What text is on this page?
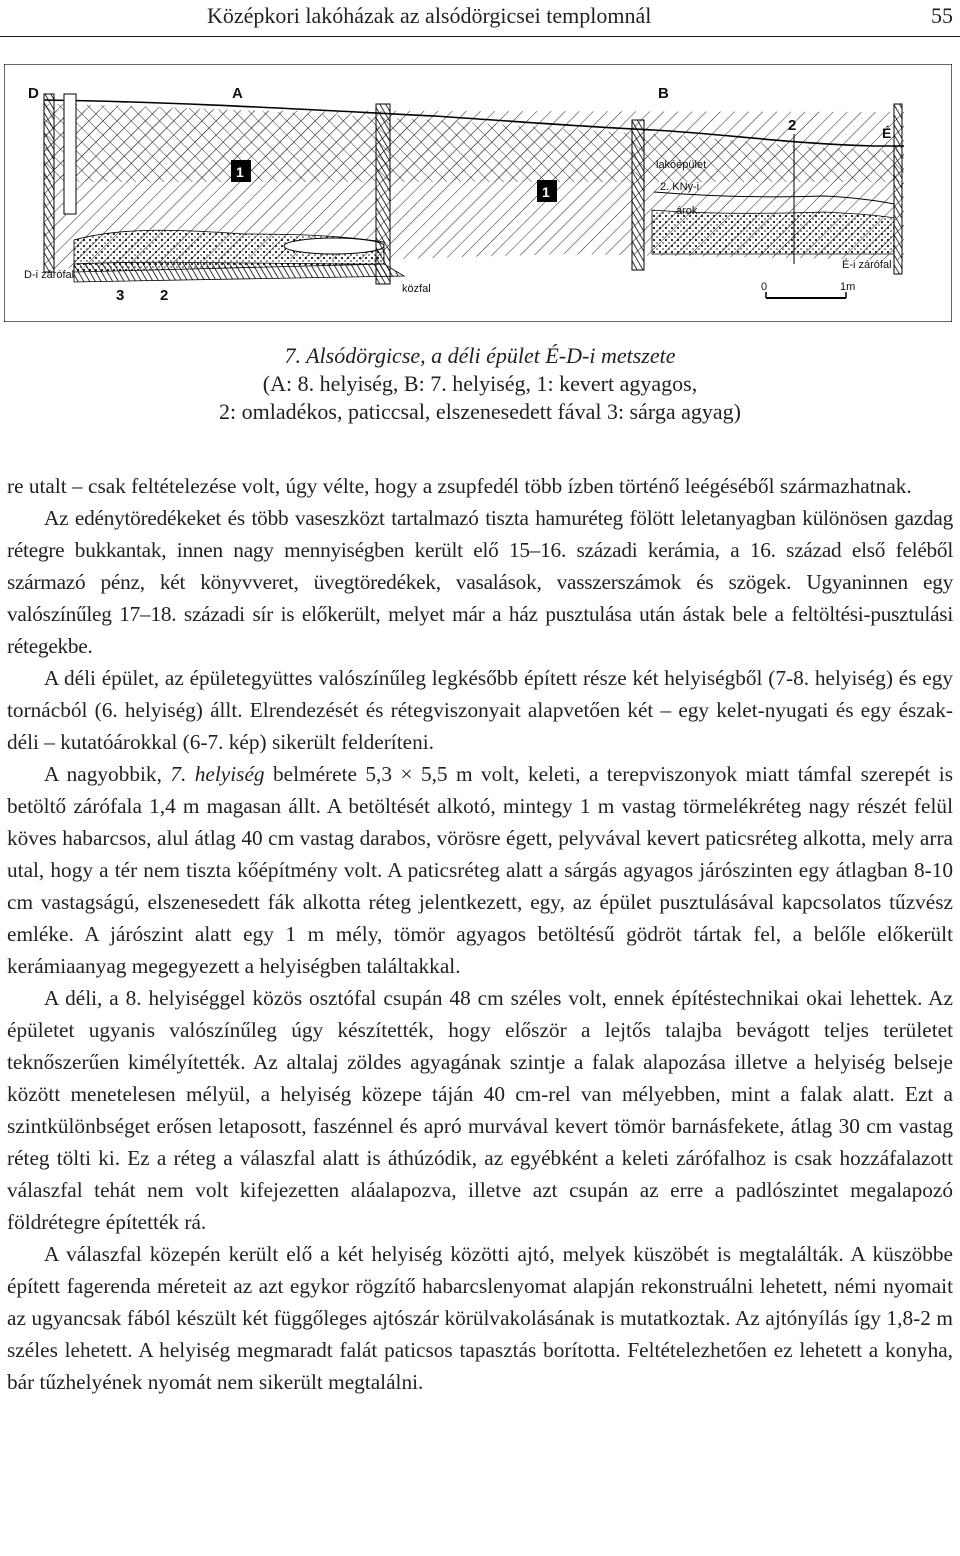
Középkori lakóházak az alsódörgicsei templomnál	55
D	A	B
É
1
1
2
3 2
lakóépület
2. KNy-i
árok
D-i zárófal
É-i zárófal
közfal	0	1m
7. Alsódörgicse, a déli épület É-D-i metszete
(A: 8. helyiség, B: 7. helyiség, 1: kevert agyagos,
2: omladékos, paticcsal, elszenesedett fával 3: sárga agyag)

re utalt – csak feltételezése volt, úgy vélte, hogy a zsupfedél több ízben történő leégéséből származhatnak.

Az edénytöredékeket és több vaseszközt tartalmazó tiszta hamuréteg fölött leletanyagban különösen gazdag rétegre bukkantak, innen nagy mennyiségben került elő 15–16. századi kerámia, a 16. század első feléből származó pénz, két könyvveret, üvegtöredékek, vasalások, vasszerszámok és szögek. Ugyaninnen egy valószínűleg 17–18. századi sír is előkerült, melyet már a ház pusztulása után ástak bele a feltöltési-pusztulási rétegekbe.

A déli épület, az épületegyüttes valószínűleg legkésőbb épített része két helyiségből (7-8. helyiség) és egy tornácból (6. helyiség) állt. Elrendezését és rétegviszonyait alapvetően két – egy kelet-nyugati és egy észak-déli – kutatóárokkal (6-7. kép) sikerült felderíteni.

A nagyobbik, 7. helyiség belmérete 5,3 × 5,5 m volt, keleti, a terepviszonyok miatt támfal szerepét is betöltő zárófala 1,4 m magasan állt. A betöltését alkotó, mintegy 1 m vastag törmelékréteg nagy részét felül köves habarcsos, alul átlag 40 cm vastag darabos, vörösre égett, pelyvával kevert paticsréteg alkotta, mely arra utal, hogy a tér nem tiszta kőépítmény volt. A paticsréteg alatt a sárgás agyagos járószinten egy átlagban 8-10 cm vastagságú, elszenesedett fák alkotta réteg jelentkezett, egy, az épület pusztulásával kapcsolatos tűzvész emléke. A járószint alatt egy 1 m mély, tömör agyagos betöltésű gödröt tártak fel, a belőle előkerült kerámiaanyag megegyezett a helyiségben találtakkal.

A déli, a 8. helyiséggel közös osztófal csupán 48 cm széles volt, ennek építéstechnikai okai lehettek. Az épületet ugyanis valószínűleg úgy készítették, hogy először a lejtős talajba bevágott teljes területet teknőszerűen kimélyítették. Az altalaj zöldes agyagának szintje a falak alapozása illetve a helyiség belseje között menetelesen mélyül, a helyiség közepe táján 40 cm-rel van mélyebben, mint a falak alatt. Ezt a szintkülönbséget erősen letaposott, faszénnel és apró murvával kevert tömör barnásfekete, átlag 30 cm vastag réteg tölti ki. Ez a réteg a válaszfal alatt is áthúzódik, az egyébként a keleti zárófalhoz is csak hozzáfalazott válaszfal tehát nem volt kifejezetten aláalapozva, illetve azt csupán az erre a padlószintet megalapozó földrétegre építették rá.

A válaszfal közepén került elő a két helyiség közötti ajtó, melyek küszöbét is megtalálták. A küszöbbe épített fagerenda méreteit az azt egykor rögzítő habarcslenyomat alapján rekonstruálni lehetett, némi nyomait az ugyancsak fából készült két függőleges ajtószár körülvakolásának is mutatkoztak. Az ajtónyílás így 1,8-2 m széles lehetett. A helyiség megmaradt falát paticsos tapasztás borította. Feltételezhetően ez lehetett a konyha, bár tűzhelyének nyomát nem sikerült megtalálni.
